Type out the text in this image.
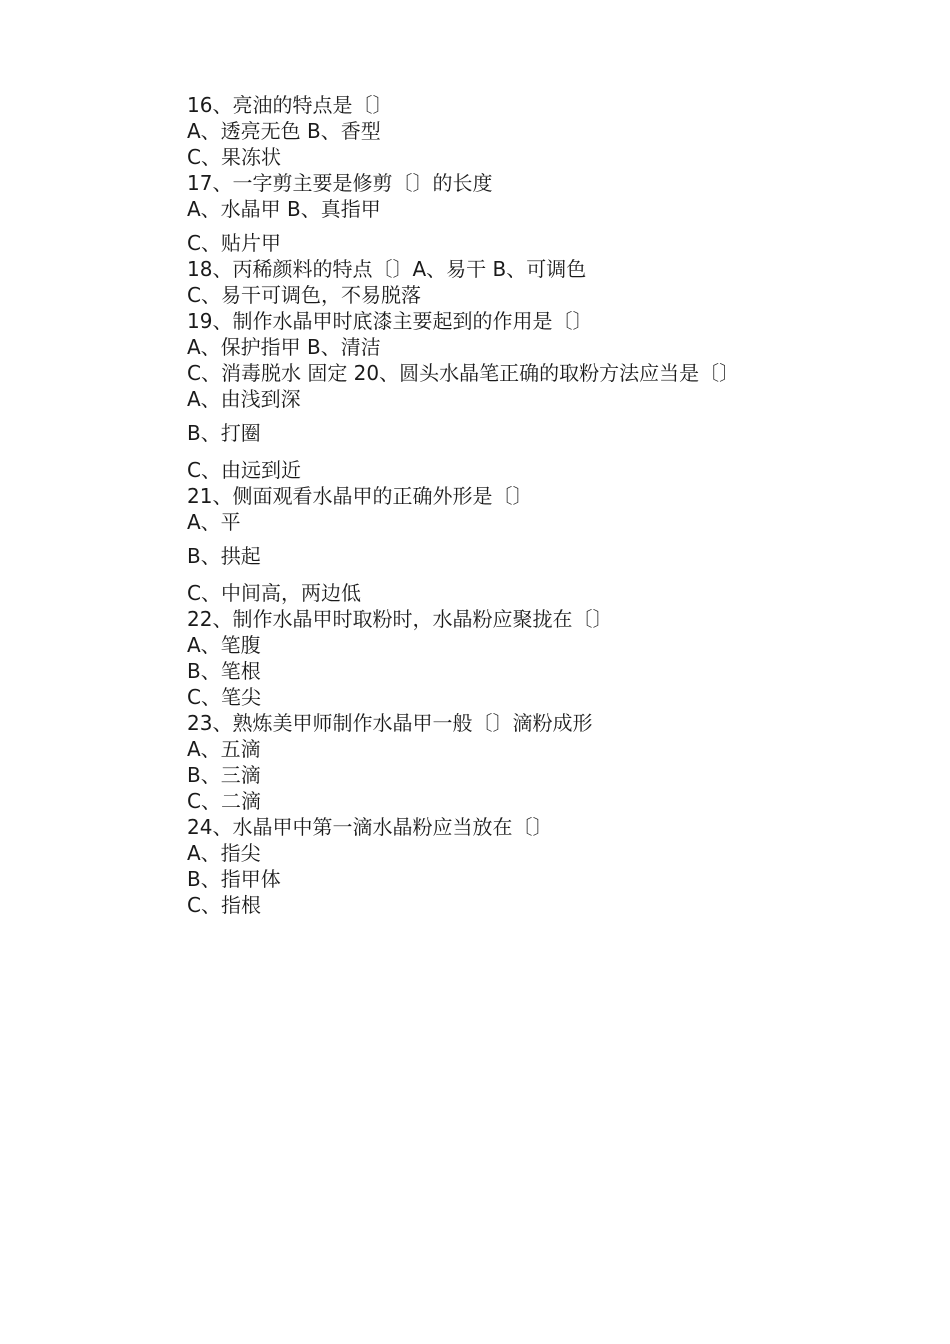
16、亮油的特点是〔〕
A、透亮无色 B、香型
C、果冻状
17、一字剪主要是修剪〔〕的长度
A、水晶甲 B、真指甲
C、贴片甲
18、丙稀颜料的特点〔〕A、易干 B、可调色
C、易干可调色，不易脱落
19、制作水晶甲时底漆主要起到的作用是〔〕
A、保护指甲 B、清洁
C、消毒脱水 固定 20、圆头水晶笔正确的取粉方法应当是〔〕
A、由浅到深
B、打圈
C、由远到近
21、侧面观看水晶甲的正确外形是〔〕
A、平
B、拱起
C、中间高，两边低
22、制作水晶甲时取粉时，水晶粉应聚拢在〔〕
A、笔腹
B、笔根
C、笔尖
23、熟炼美甲师制作水晶甲一般〔〕滴粉成形
A、五滴
B、三滴
C、二滴
24、水晶甲中第一滴水晶粉应当放在〔〕
A、指尖
B、指甲体
C、指根
